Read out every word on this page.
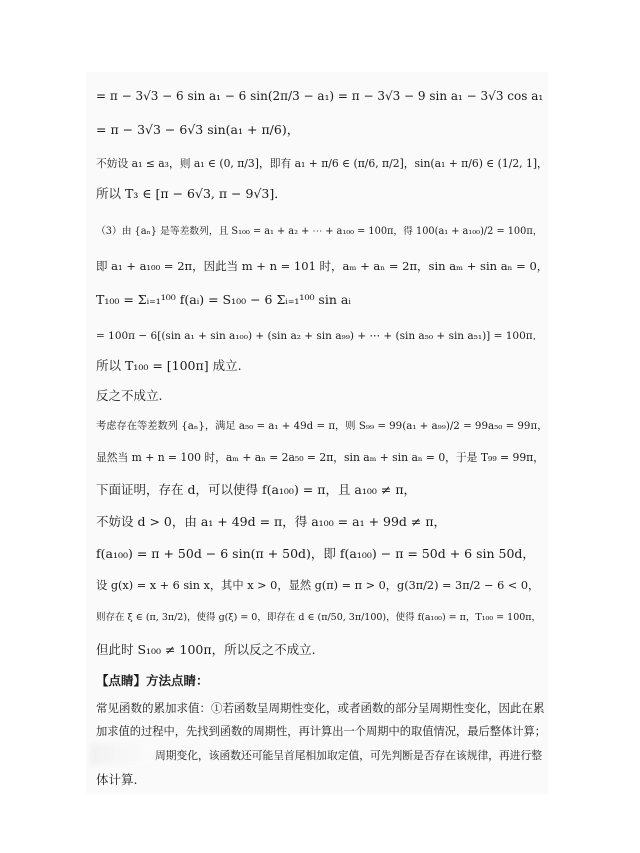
= π − 3√3 − 6 sin a₁ − 6 sin(2π/3 − a₁) = π − 3√3 − 9 sin a₁ − 3√3 cos a₁
= π − 3√3 − 6√3 sin(a₁ + π/6)，
不妨设 a₁ ≤ a₃，则 a₁ ∈ (0, π/3]，即有 a₁ + π/6 ∈ (π/6, π/2]，sin(a₁ + π/6) ∈ (1/2, 1]，
所以 T₃ ∈ [π − 6√3, π − 9√3]．
（3）由 {aₙ} 是等差数列，且 S₁₀₀ = a₁ + a₂ + ⋯ + a₁₀₀ = 100π，得 100(a₁ + a₁₀₀)/2 = 100π，
即 a₁ + a₁₀₀ = 2π，因此当 m + n = 101 时，aₘ + aₙ = 2π，sin aₘ + sin aₙ = 0，
T₁₀₀ = Σᵢ₌₁¹⁰⁰ f(aᵢ) = S₁₀₀ − 6 Σᵢ₌₁¹⁰⁰ sin aᵢ
= 100π − 6[(sin a₁ + sin a₁₀₀) + (sin a₂ + sin a₉₉) + ⋯ + (sin a₅₀ + sin a₅₁)] = 100π．
所以 T₁₀₀ = [100π] 成立.
反之不成立.
考虑存在等差数列 {aₙ}，满足 a₅₀ = a₁ + 49d = π，则 S₉₉ = 99(a₁ + a₉₉)/2 = 99a₅₀ = 99π，
显然当 m + n = 100 时，aₘ + aₙ = 2a₅₀ = 2π，sin aₘ + sin aₙ = 0，于是 T₉₉ = 99π，
下面证明，存在 d，可以使得 f(a₁₀₀) = π，且 a₁₀₀ ≠ π，
不妨设 d > 0，由 a₁ + 49d = π，得 a₁₀₀ = a₁ + 99d ≠ π，
f(a₁₀₀) = π + 50d − 6 sin(π + 50d)，即 f(a₁₀₀) − π = 50d + 6 sin 50d，
设 g(x) = x + 6 sin x，其中 x > 0，显然 g(π) = π > 0，g(3π/2) = 3π/2 − 6 < 0，
则存在 ξ ∈ (π, 3π/2)，使得 g(ξ) = 0，即存在 d ∈ (π/50, 3π/100)，使得 f(a₁₀₀) = π，T₁₀₀ = 100π，
但此时 S₁₀₀ ≠ 100π，所以反之不成立.
【点睛】方法点睛：
常见函数的累加求值：①若函数呈周期性变化，或者函数的部分呈周期性变化，因此在累
加求值的过程中，先找到函数的周期性，再计算出一个周期中的取值情况，最后整体计算；
周期变化，该函数还可能呈首尾相加取定值，可先判断是否存在该规律，再进行整
体计算.
